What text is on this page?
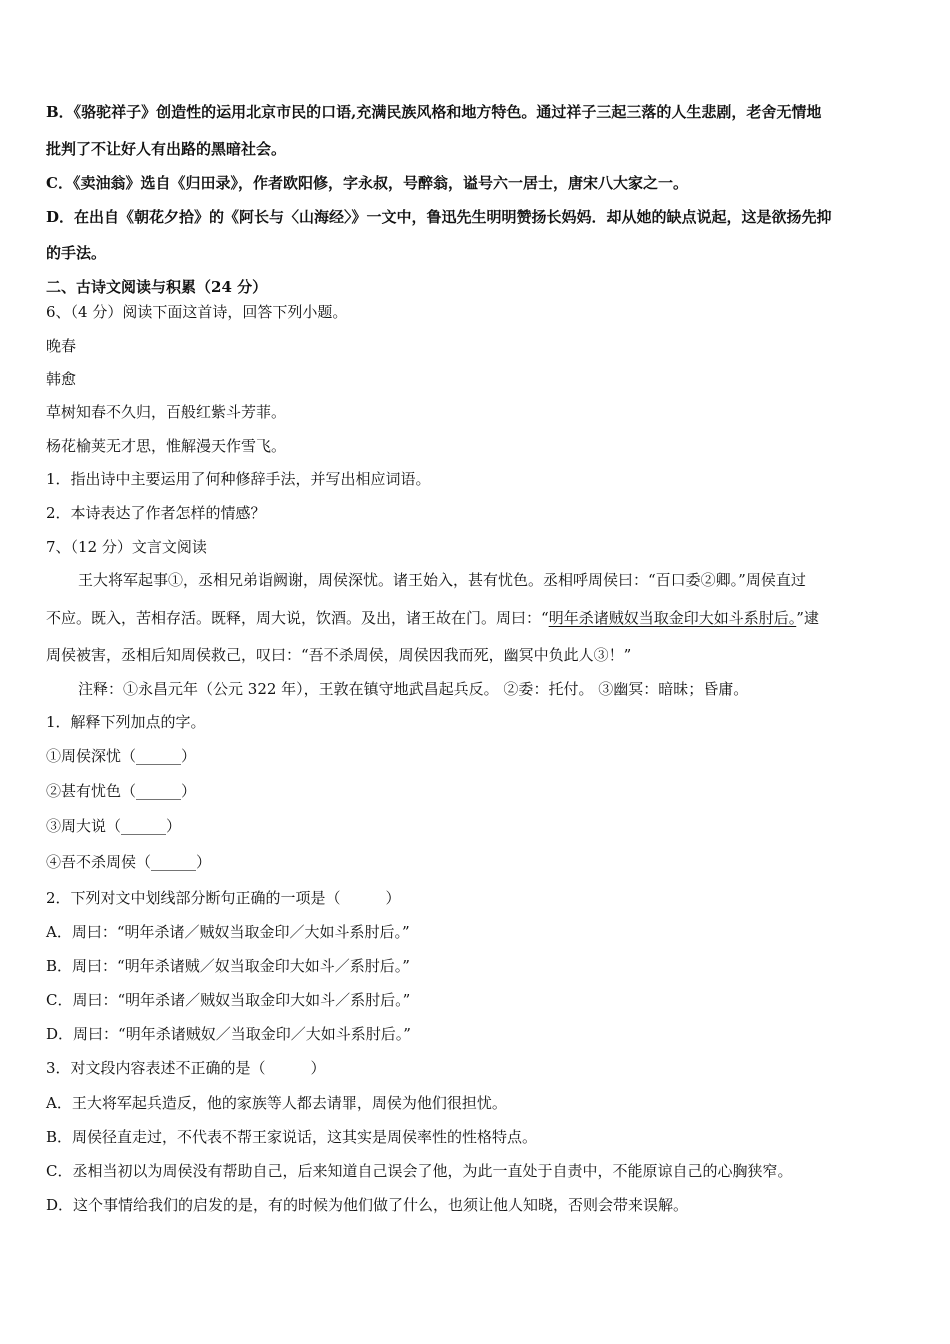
B．《骆驼祥子》创造性的运用北京市民的口语,充满民族风格和地方特色。通过祥子三起三落的人生悲剧，老舍无情地
批判了不让好人有出路的黑暗社会。
C．《卖油翁》选自《归田录》，作者欧阳修，字永叔，号醉翁，谥号六一居士，唐宋八大家之一。
D．在出自《朝花夕拾》的《阿长与〈山海经〉》一文中，鲁迅先生明明赞扬长妈妈．却从她的缺点说起，这是欲扬先抑
的手法。
二、古诗文阅读与积累（24 分）
6、（4 分）阅读下面这首诗，回答下列小题。
晚春
韩愈
草树知春不久归，百般红紫斗芳菲。
杨花榆荚无才思，惟解漫天作雪飞。
1．指出诗中主要运用了何种修辞手法，并写出相应词语。
2．本诗表达了作者怎样的情感？
7、（12 分）文言文阅读
王大将军起事①，丞相兄弟诣阙谢，周侯深忧。诸王始入，甚有忧色。丞相呼周侯曰：“百口委②卿。”周侯直过
不应。既入，苦相存活。既释，周大说，饮酒。及出，诸王故在门。周曰：“明年杀诸贼奴当取金印大如斗系肘后。”逮
周侯被害，丞相后知周侯救己，叹曰：“吾不杀周侯，周侯因我而死，幽冥中负此人③！”
注释：①永昌元年（公元 322 年），王敦在镇守地武昌起兵反。 ②委：托付。 ③幽冥：暗昧；昏庸。
1．解释下列加点的字。
①周侯深忧（______）
②甚有忧色（______）
③周大说（______）
④吾不杀周侯（______）
2．下列对文中划线部分断句正确的一项是（　　　）
A．周曰：“明年杀诸／贼奴当取金印／大如斗系肘后。”
B．周曰：“明年杀诸贼／奴当取金印大如斗／系肘后。”
C．周曰：“明年杀诸／贼奴当取金印大如斗／系肘后。”
D．周曰：“明年杀诸贼奴／当取金印／大如斗系肘后。”
3．对文段内容表述不正确的是（　　　）
A．王大将军起兵造反，他的家族等人都去请罪，周侯为他们很担忧。
B．周侯径直走过，不代表不帮王家说话，这其实是周侯率性的性格特点。
C．丞相当初以为周侯没有帮助自己，后来知道自己误会了他，为此一直处于自责中，不能原谅自己的心胸狭窄。
D．这个事情给我们的启发的是，有的时候为他们做了什么，也须让他人知晓，否则会带来误解。
